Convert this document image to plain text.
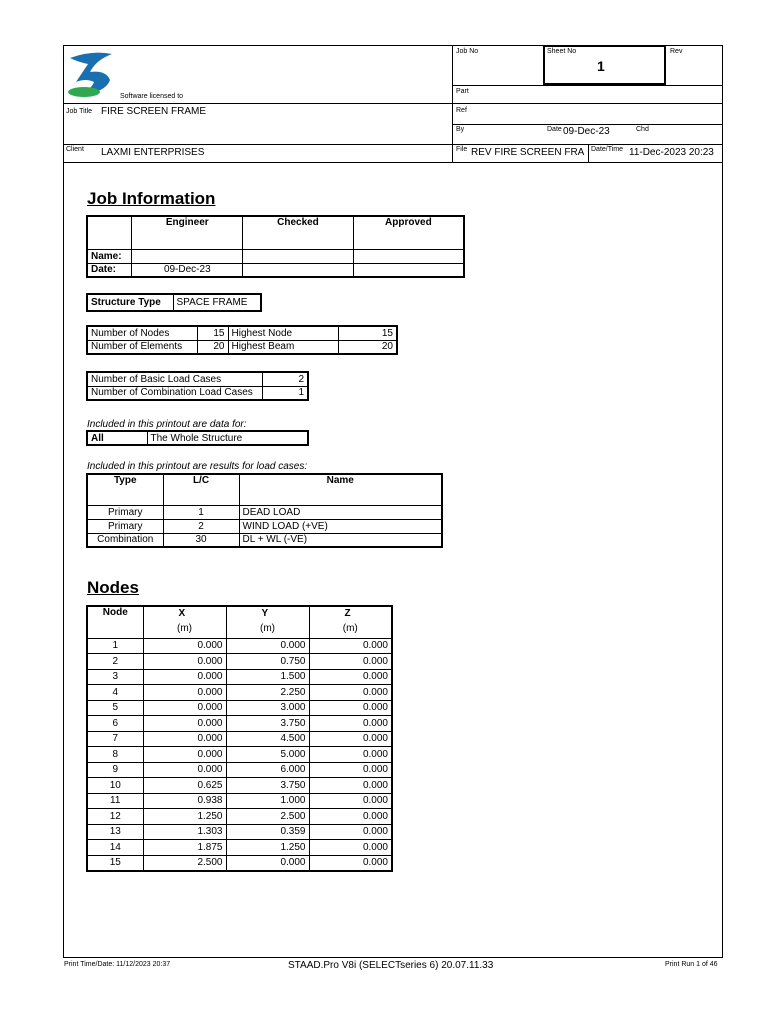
Software licensed to
Job No	Sheet No
1
Rev
Part
Job Title FIRE SCREEN FRAME	Ref
By	Date 09-Dec-23	Chd
Client LAXMI ENTERPRISES	File REV FIRE SCREEN FRA Date/Time 11-Dec-2023 20:23
Job Information
	Engineer	Checked	Approved
Name:			
Date:	09-Dec-23		
Structure Type	SPACE FRAME
Number of Nodes	15	Highest Node	15
Number of Elements	20	Highest Beam	20
Number of Basic Load Cases	2
Number of Combination Load Cases	1
Included in this printout are data for:
All	The Whole Structure
Included in this printout are results for load cases:
Type	L/C	Name
Primary	1	DEAD LOAD
Primary	2	WIND LOAD (+VE)
Combination	30	DL + WL (-VE)
Nodes
Node	X	Y	Z
	(m)	(m)	(m)
1	0.000	0.000	0.000
2	0.000	0.750	0.000
3	0.000	1.500	0.000
4	0.000	2.250	0.000
5	0.000	3.000	0.000
6	0.000	3.750	0.000
7	0.000	4.500	0.000
8	0.000	5.000	0.000
9	0.000	6.000	0.000
10	0.625	3.750	0.000
11	0.938	1.000	0.000
12	1.250	2.500	0.000
13	1.303	0.359	0.000
14	1.875	1.250	0.000
15	2.500	0.000	0.000
Print Time/Date: 11/12/2023 20:37	STAAD.Pro V8i (SELECTseries 6) 20.07.11.33	Print Run 1 of 46
